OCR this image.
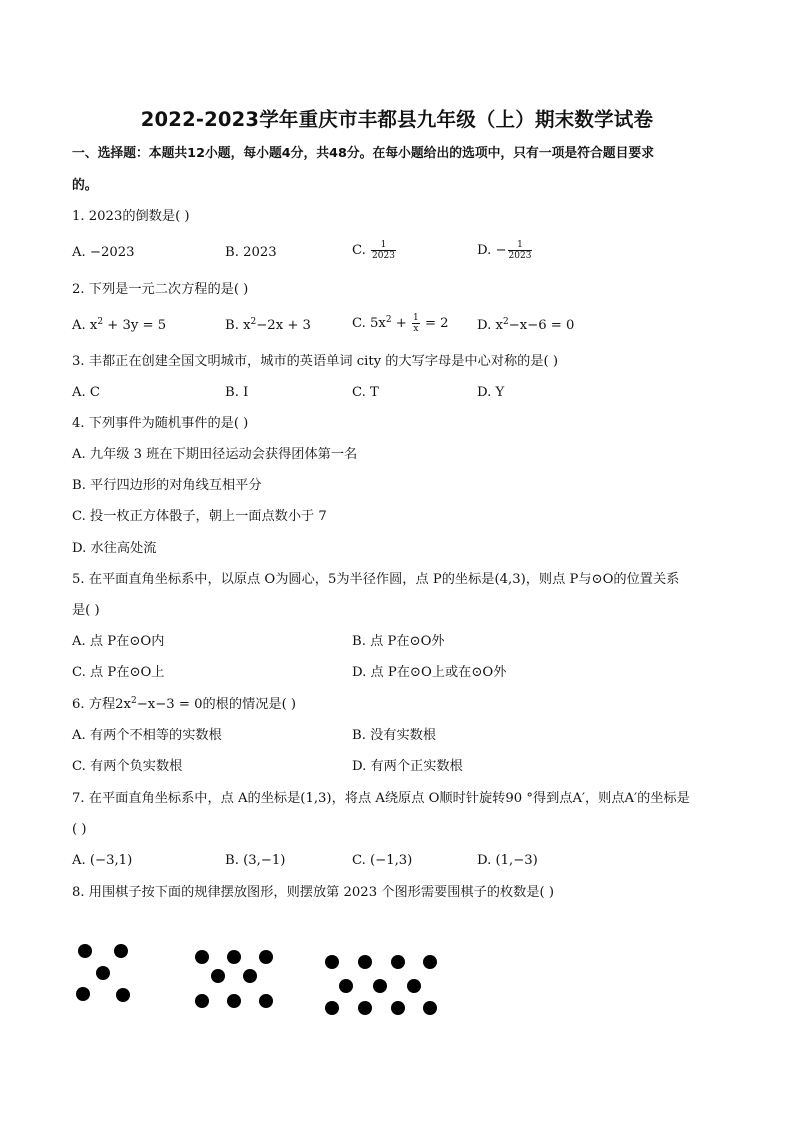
2022-2023学年重庆市丰都县九年级（上）期末数学试卷
一、选择题：本题共12小题，每小题4分，共48分。在每小题给出的选项中，只有一项是符合题目要求
的。
1. 2023的倒数是( )
A. −2023	B. 2023	C. $\frac{1}{2023}$	D. − $\frac{1}{2023}$
2. 下列是一元二次方程的是( )
A. $x^2 + 3y = 5$	B. $x^2-2x + 3$	C. $5x^2 + \frac{1}{x} = 2$ D. $x^2-x-6 = 0$
3. 丰都正在创建全国文明城市，城市的英语单词 city 的大写字母是中心对称的是( )
A. C	B. I	C. T	D. Y
4. 下列事件为随机事件的是( )
A. 九年级 3 班在下期田径运动会获得团体第一名
B. 平行四边形的对角线互相平分
C. 投一枚正方体骰子，朝上一面点数小于 7
D. 水往高处流
5. 在平面直角坐标系中，以原点 O为圆心，5为半径作圆，点 P的坐标是(4,3)，则点 P与⊙O的位置关系
是( )
A. 点 P在⊙O内	B. 点 P在⊙O外
C. 点 P在⊙O上	D. 点 P在⊙O上或在⊙O外
6. 方程$2x^2-x-3 = 0$的根的情况是( )
A. 有两个不相等的实数根	B. 没有实数根
C. 有两个负实数根	D. 有两个正实数根
7. 在平面直角坐标系中，点 A的坐标是(1,3)，将点 A绕原点 O顺时针旋转90 °得到点A′，则点A′的坐标是
( )
A. (−3,1)	B. (3,−1)	C. (−1,3)	D. (1,−3)
8. 用围棋子按下面的规律摆放图形，则摆放第 2023 个图形需要围棋子的枚数是( )
